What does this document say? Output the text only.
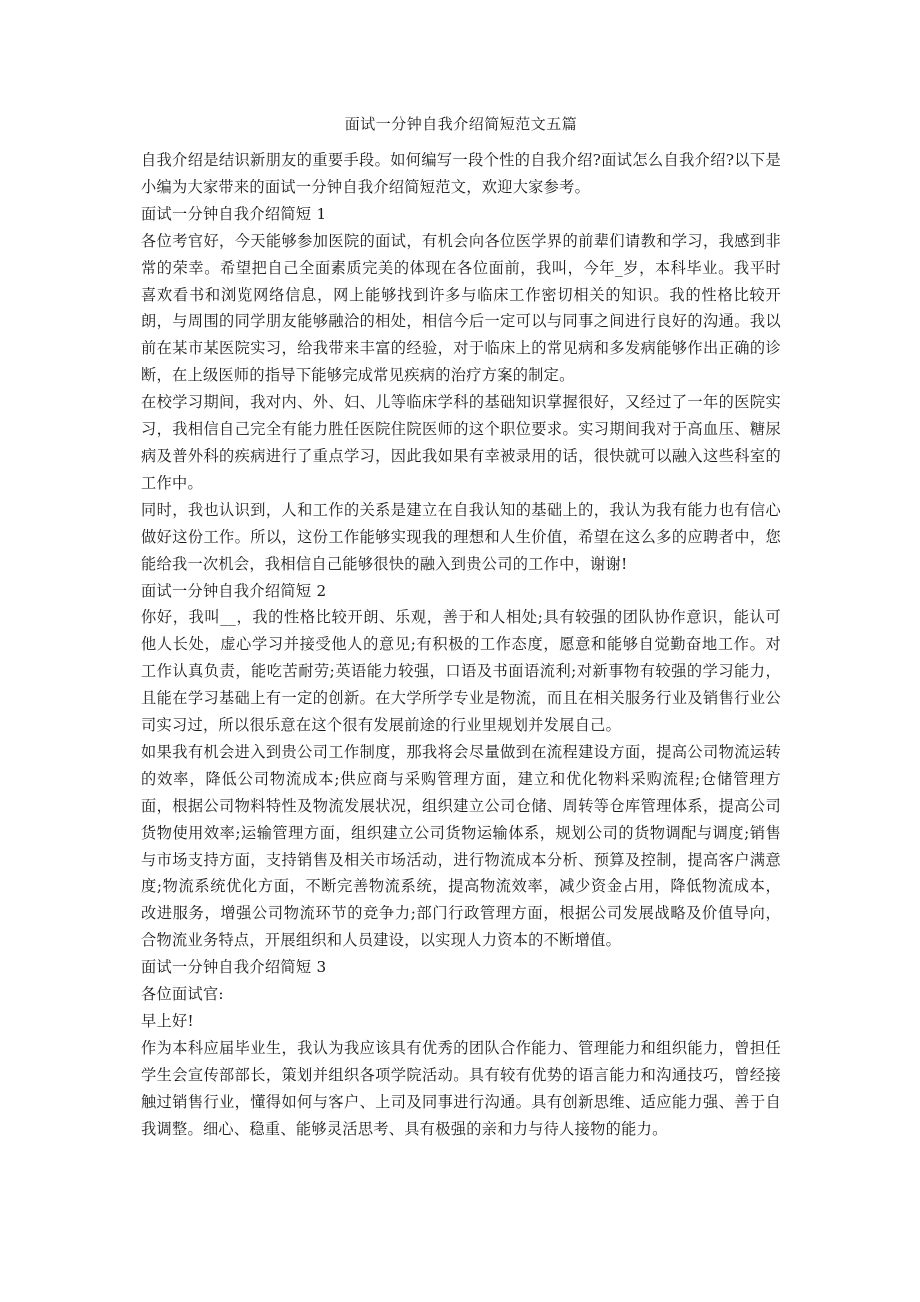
面试一分钟自我介绍简短范文五篇

自我介绍是结识新朋友的重要手段。如何编写一段个性的自我介绍?面试怎么自我介绍?以下是小编为大家带来的面试一分钟自我介绍简短范文，欢迎大家参考。

面试一分钟自我介绍简短 1

各位考官好，今天能够参加医院的面试，有机会向各位医学界的前辈们请教和学习，我感到非常的荣幸。希望把自己全面素质完美的体现在各位面前，我叫，今年_岁，本科毕业。我平时喜欢看书和浏览网络信息，网上能够找到许多与临床工作密切相关的知识。我的性格比较开朗，与周围的同学朋友能够融洽的相处，相信今后一定可以与同事之间进行良好的沟通。我以前在某市某医院实习，给我带来丰富的经验，对于临床上的常见病和多发病能够作出正确的诊断，在上级医师的指导下能够完成常见疾病的治疗方案的制定。

在校学习期间，我对内、外、妇、儿等临床学科的基础知识掌握很好，又经过了一年的医院实习，我相信自己完全有能力胜任医院住院医师的这个职位要求。实习期间我对于高血压、糖尿病及普外科的疾病进行了重点学习，因此我如果有幸被录用的话，很快就可以融入这些科室的工作中。

同时，我也认识到，人和工作的关系是建立在自我认知的基础上的，我认为我有能力也有信心做好这份工作。所以，这份工作能够实现我的理想和人生价值，希望在这么多的应聘者中，您能给我一次机会，我相信自己能够很快的融入到贵公司的工作中，谢谢!

面试一分钟自我介绍简短 2

你好，我叫__，我的性格比较开朗、乐观，善于和人相处;具有较强的团队协作意识，能认可他人长处，虚心学习并接受他人的意见;有积极的工作态度，愿意和能够自觉勤奋地工作。对工作认真负责，能吃苦耐劳;英语能力较强，口语及书面语流利;对新事物有较强的学习能力，且能在学习基础上有一定的创新。在大学所学专业是物流，而且在相关服务行业及销售行业公司实习过，所以很乐意在这个很有发展前途的行业里规划并发展自己。

如果我有机会进入到贵公司工作制度，那我将会尽量做到在流程建设方面，提高公司物流运转的效率，降低公司物流成本;供应商与采购管理方面，建立和优化物料采购流程;仓储管理方面，根据公司物料特性及物流发展状况，组织建立公司仓储、周转等仓库管理体系，提高公司货物使用效率;运输管理方面，组织建立公司货物运输体系，规划公司的货物调配与调度;销售与市场支持方面，支持销售及相关市场活动，进行物流成本分析、预算及控制，提高客户满意度;物流系统优化方面，不断完善物流系统，提高物流效率，减少资金占用，降低物流成本，改进服务，增强公司物流环节的竞争力;部门行政管理方面，根据公司发展战略及价值导向，合物流业务特点，开展组织和人员建设，以实现人力资本的不断增值。

面试一分钟自我介绍简短 3

各位面试官:

早上好!

作为本科应届毕业生，我认为我应该具有优秀的团队合作能力、管理能力和组织能力，曾担任学生会宣传部部长，策划并组织各项学院活动。具有较有优势的语言能力和沟通技巧，曾经接触过销售行业，懂得如何与客户、上司及同事进行沟通。具有创新思维、适应能力强、善于自我调整。细心、稳重、能够灵活思考、具有极强的亲和力与待人接物的能力。
